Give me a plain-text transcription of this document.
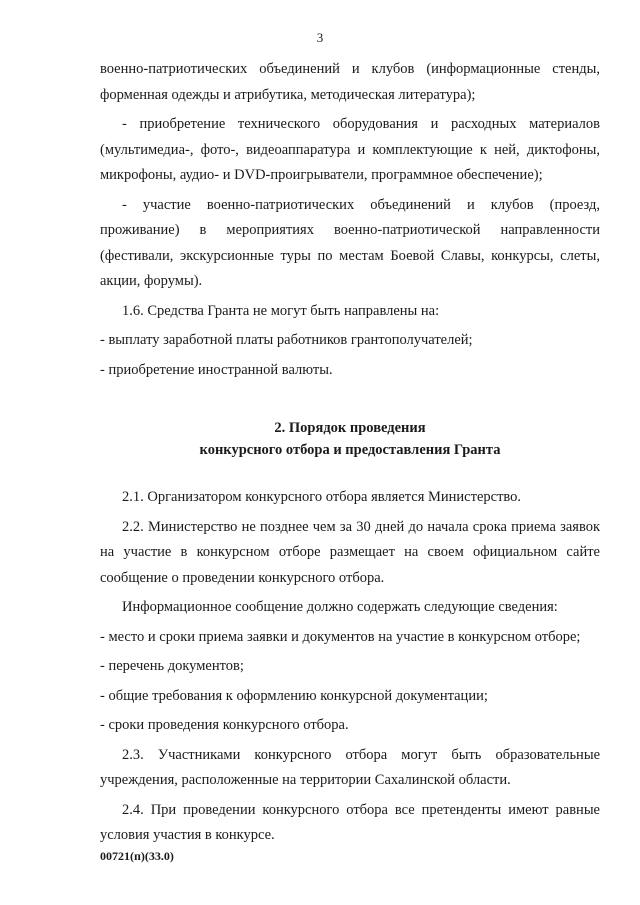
3

военно-патриотических объединений и клубов (информационные стенды, форменная одежды и атрибутика, методическая литература);

- приобретение технического оборудования и расходных материалов (мультимедиа-, фото-, видеоаппаратура и комплектующие к ней, диктофоны, микрофоны, аудио- и DVD-проигрыватели, программное обеспечение);

- участие военно-патриотических объединений и клубов (проезд, проживание) в мероприятиях военно-патриотической направленности (фестивали, экскурсионные туры по местам Боевой Славы, конкурсы, слеты, акции, форумы).

1.6. Средства Гранта не могут быть направлены на:

- выплату заработной платы работников грантополучателей;

- приобретение иностранной валюты.

2. Порядок проведения
конкурсного отбора и предоставления Гранта

2.1. Организатором конкурсного отбора является Министерство.

2.2. Министерство не позднее чем за 30 дней до начала срока приема заявок на участие в конкурсном отборе размещает на своем официальном сайте сообщение о проведении конкурсного отбора.

Информационное сообщение должно содержать следующие сведения:

- место и сроки приема заявки и документов на участие в конкурсном отборе;

- перечень документов;

- общие требования к оформлению конкурсной документации;

- сроки проведения конкурсного отбора.

2.3. Участниками конкурсного отбора могут быть образовательные учреждения, расположенные на территории Сахалинской области.

2.4. При проведении конкурсного отбора все претенденты имеют равные условия участия в конкурсе.

00721(п)(33.0)
